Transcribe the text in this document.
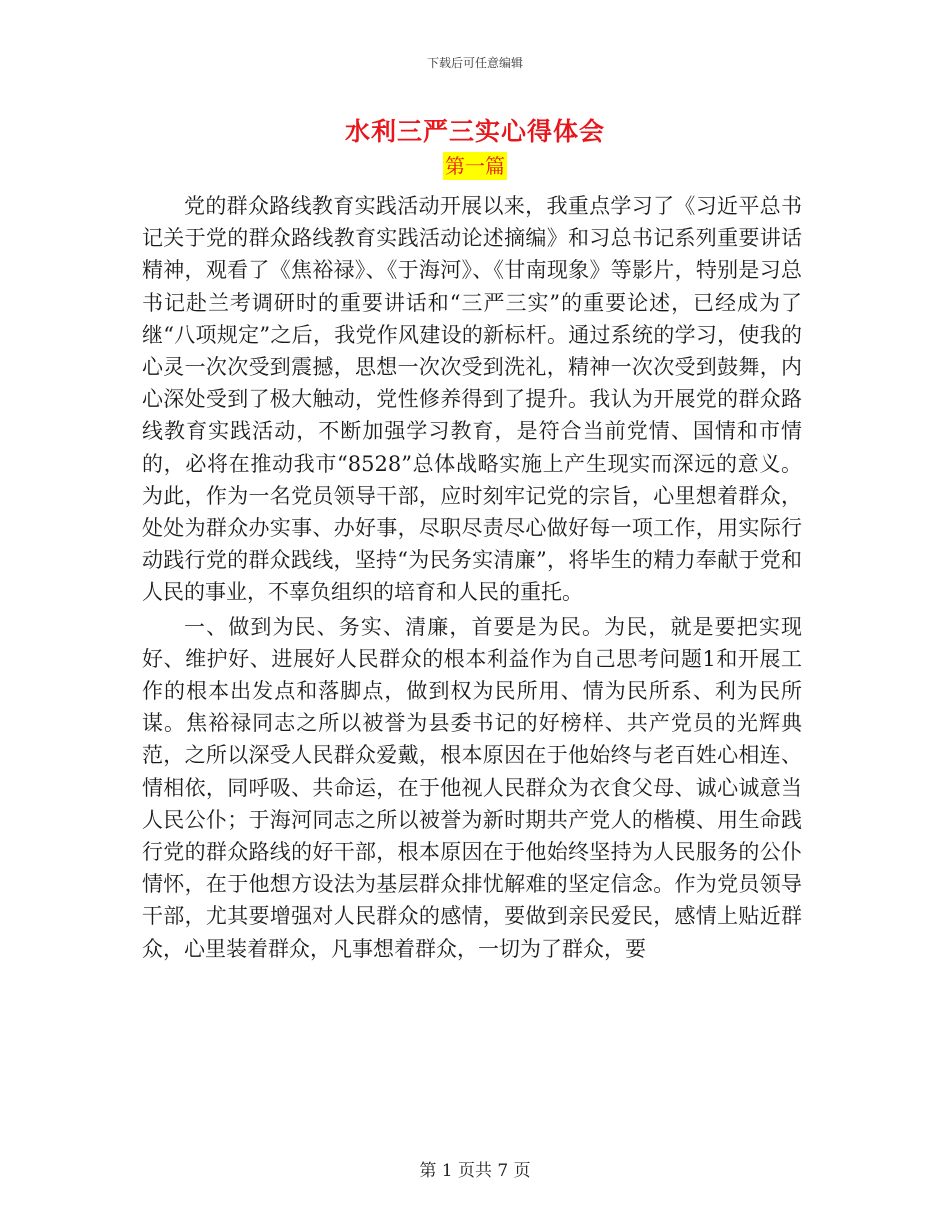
下载后可任意编辑
水利三严三实心得体会
第一篇

党的群众路线教育实践活动开展以来，我重点学习了《习近平总书记关于党的群众路线教育实践活动论述摘编》和习总书记系列重要讲话精神，观看了《焦裕禄》、《于海河》、《甘南现象》等影片，特别是习总书记赴兰考调研时的重要讲话和“三严三实”的重要论述，已经成为了继“八项规定”之后，我党作风建设的新标杆。通过系统的学习，使我的心灵一次次受到震撼，思想一次次受到洗礼，精神一次次受到鼓舞，内心深处受到了极大触动，党性修养得到了提升。我认为开展党的群众路线教育实践活动，不断加强学习教育，是符合当前党情、国情和市情的，必将在推动我市“8528”总体战略实施上产生现实而深远的意义。为此，作为一名党员领导干部，应时刻牢记党的宗旨，心里想着群众，处处为群众办实事、办好事，尽职尽责尽心做好每一项工作，用实际行动践行党的群众践线，坚持“为民务实清廉”，将毕生的精力奉献于党和人民的事业，不辜负组织的培育和人民的重托。

一、做到为民、务实、清廉，首要是为民。为民，就是要把实现好、维护好、进展好人民群众的根本利益作为自己思考问题1和开展工作的根本出发点和落脚点，做到权为民所用、情为民所系、利为民所谋。焦裕禄同志之所以被誉为县委书记的好榜样、共产党员的光辉典范，之所以深受人民群众爱戴，根本原因在于他始终与老百姓心相连、情相依，同呼吸、共命运，在于他视人民群众为衣食父母、诚心诚意当人民公仆；于海河同志之所以被誉为新时期共产党人的楷模、用生命践行党的群众路线的好干部，根本原因在于他始终坚持为人民服务的公仆情怀，在于他想方设法为基层群众排忧解难的坚定信念。作为党员领导干部，尤其要增强对人民群众的感情，要做到亲民爱民，感情上贴近群众，心里装着群众，凡事想着群众，一切为了群众，要

第 1 页共 7 页
